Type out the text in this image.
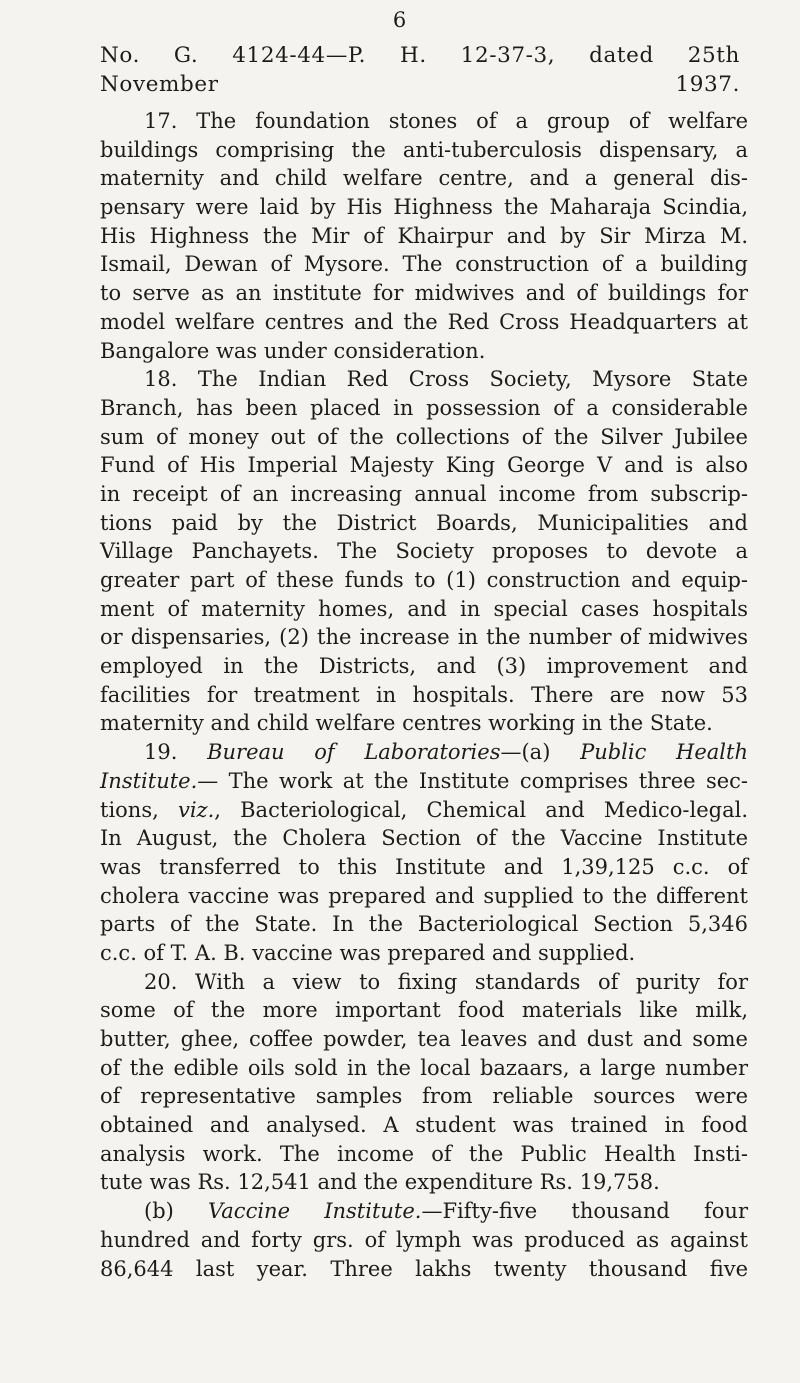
6
No. G. 4124-44—P. H. 12-37-3, dated 25th
November 1937.
17. The foundation stones of a group of welfare
buildings comprising the anti-tuberculosis dispensary, a
maternity and child welfare centre, and a general dis-
pensary were laid by His Highness the Maharaja Scindia,
His Highness the Mir of Khairpur and by Sir Mirza M.
Ismail, Dewan of Mysore. The construction of a building
to serve as an institute for midwives and of buildings for
model welfare centres and the Red Cross Headquarters at
Bangalore was under consideration.
18. The Indian Red Cross Society, Mysore State
Branch, has been placed in possession of a considerable
sum of money out of the collections of the Silver Jubilee
Fund of His Imperial Majesty King George V and is also
in receipt of an increasing annual income from subscrip-
tions paid by the District Boards, Municipalities and
Village Panchayets. The Society proposes to devote a
greater part of these funds to (1) construction and equip-
ment of maternity homes, and in special cases hospitals
or dispensaries, (2) the increase in the number of midwives
employed in the Districts, and (3) improvement and
facilities for treatment in hospitals. There are now 53
maternity and child welfare centres working in the State.
19. Bureau of Laboratories—(a) Public Health
Institute.— The work at the Institute comprises three sec-
tions, viz., Bacteriological, Chemical and Medico-legal.
In August, the Cholera Section of the Vaccine Institute
was transferred to this Institute and 1,39,125 c.c. of
cholera vaccine was prepared and supplied to the different
parts of the State. In the Bacteriological Section 5,346
c.c. of T. A. B. vaccine was prepared and supplied.
20. With a view to fixing standards of purity for
some of the more important food materials like milk,
butter, ghee, coffee powder, tea leaves and dust and some
of the edible oils sold in the local bazaars, a large number
of representative samples from reliable sources were
obtained and analysed. A student was trained in food
analysis work. The income of the Public Health Insti-
tute was Rs. 12,541 and the expenditure Rs. 19,758.
(b) Vaccine Institute.—Fifty-five thousand four
hundred and forty grs. of lymph was produced as against
86,644 last year. Three lakhs twenty thousand five
